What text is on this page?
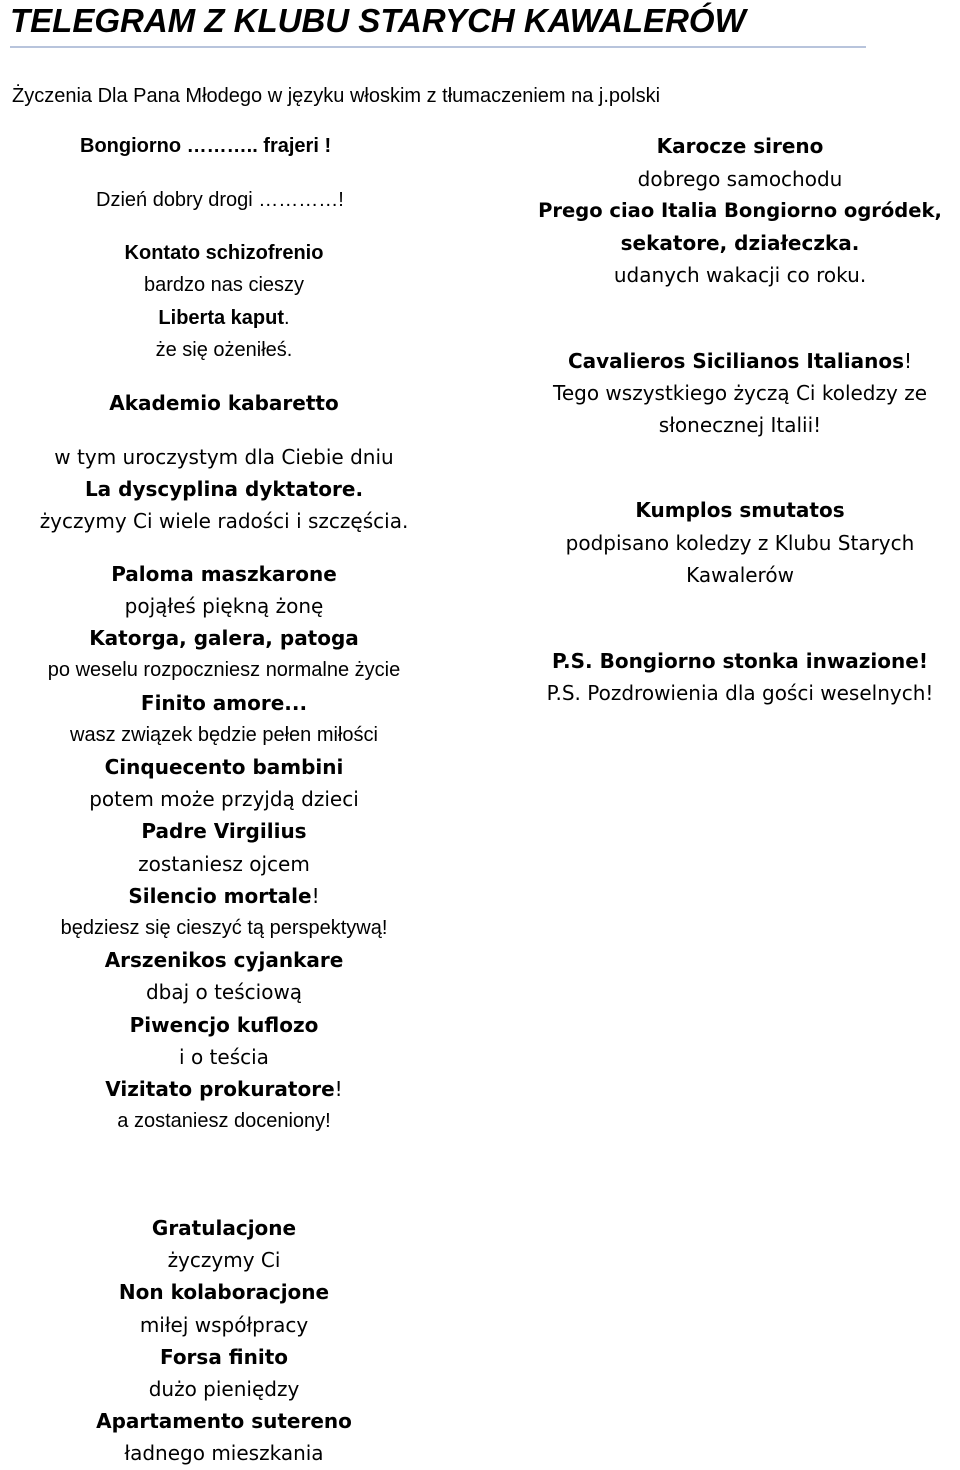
TELEGRAM Z KLUBU STARYCH KAWALERÓW
Życzenia Dla Pana Młodego w języku włoskim z tłumaczeniem na j.polski
Bongiorno ……….. frajeri !
Dzień dobry drogi …………!
Kontato schizofrenio
bardzo nas cieszy
Liberta kaput.
że się ożeniłeś.
Akademio kabaretto
w tym uroczystym dla Ciebie dniu
La dyscyplina dyktatore.
życzymy Ci wiele radości i szczęścia.
Paloma maszkarone
pojąłeś piękną żonę
Katorga, galera, patoga
po weselu rozpoczniesz normalne życie
Finito amore...
wasz związek będzie pełen miłości
Cinquecento bambini
potem może przyjdą dzieci
Padre Virgilius
zostaniesz ojcem
Silencio mortale!
będziesz się cieszyć tą perspektywą!
Arszenikos cyjankare
dbaj o teściową
Piwencjo kuflozo
i o teścia
Vizitato prokuratore!
a zostaniesz doceniony!
Karocze sireno
dobrego samochodu
Prego ciao Italia Bongiorno ogródek,
sekatore, działeczka.
udanych wakacji co roku.
Cavalieros Sicilianos Italianos!
Tego wszystkiego życzą Ci koledzy ze
słonecznej Italii!
Kumplos smutatos
podpisano koledzy z Klubu Starych
Kawalerów
P.S. Bongiorno stonka inwazione!
P.S. Pozdrowienia dla gości weselnych!
Gratulacjone
życzymy Ci
Non kolaboracjone
miłej współpracy
Forsa finito
dużo pieniędzy
Apartamento sutereno
ładnego mieszkania
